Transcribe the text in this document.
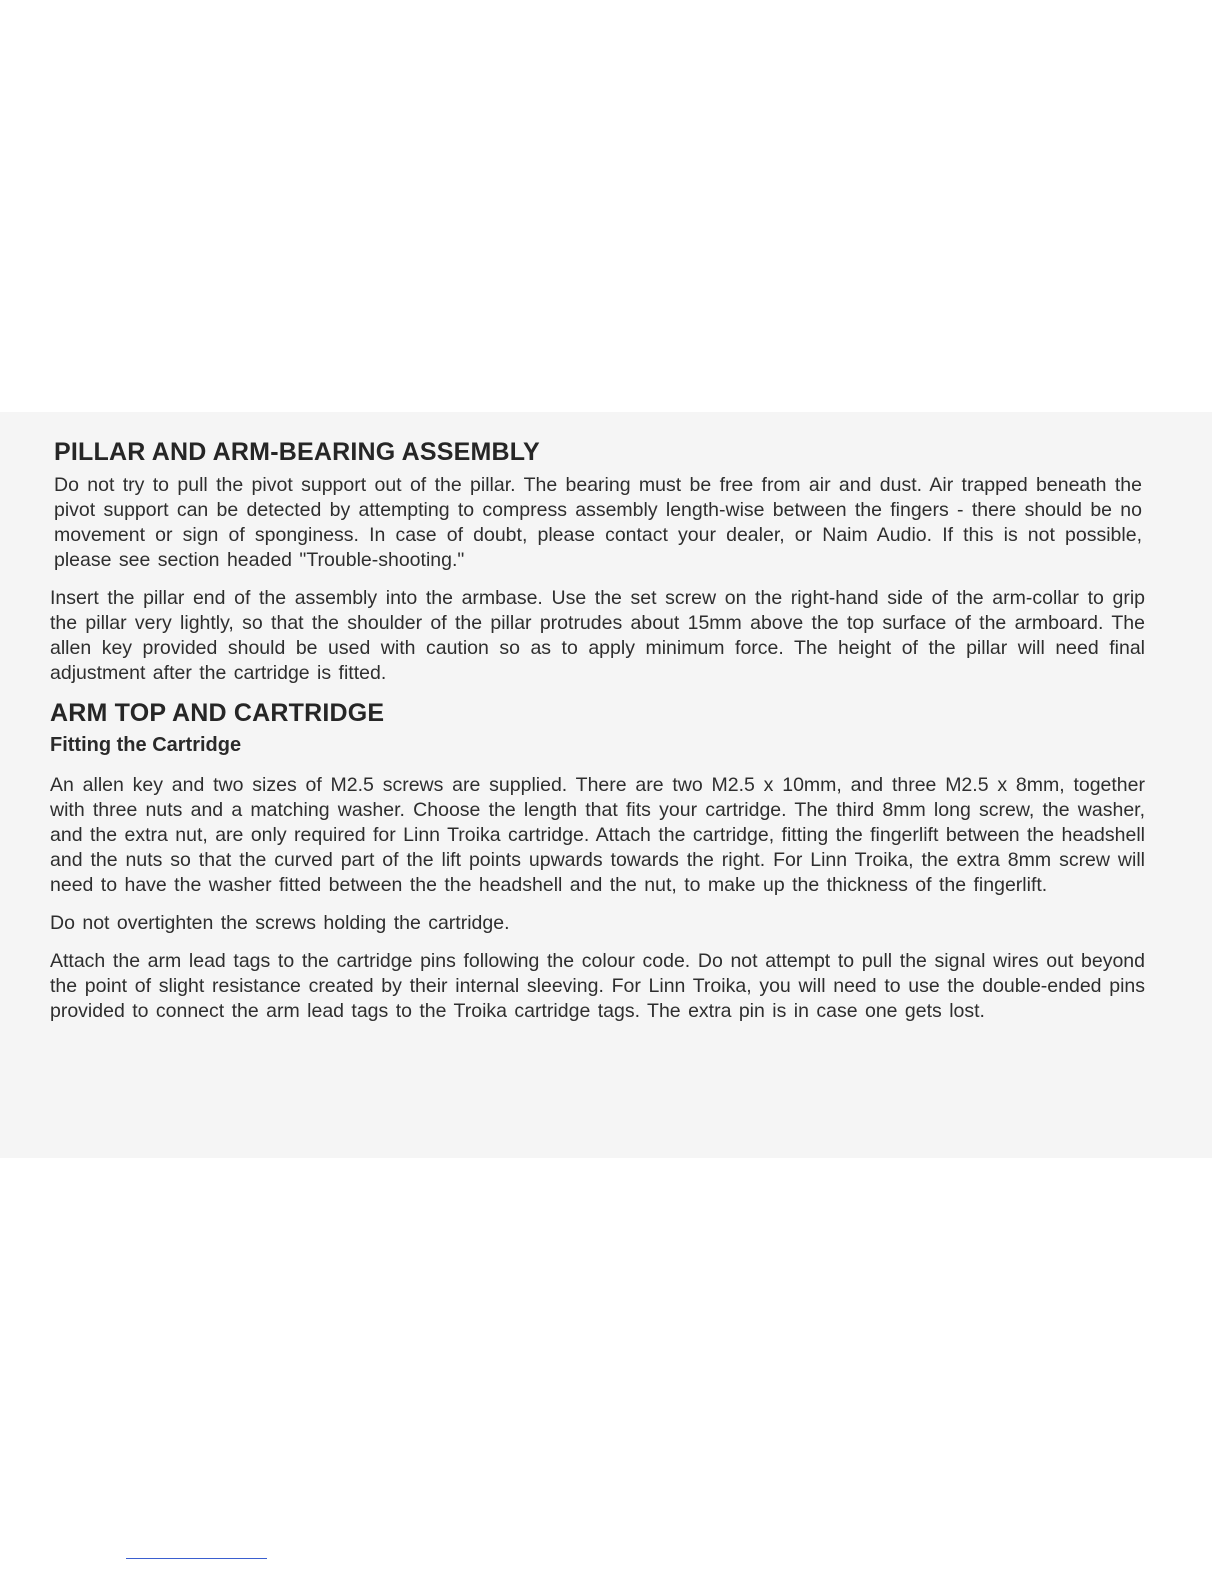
PILLAR AND ARM-BEARING ASSEMBLY

Do not try to pull the pivot support out of the pillar. The bearing must be free from air and dust. Air trapped beneath the pivot support can be detected by attempting to compress assembly length-wise between the fingers - there should be no movement or sign of sponginess. In case of doubt, please contact your dealer, or Naim Audio. If this is not possible, please see section headed "Trouble-shooting."

Insert the pillar end of the assembly into the armbase. Use the set screw on the right-hand side of the arm-collar to grip the pillar very lightly, so that the shoulder of the pillar protrudes about 15mm above the top surface of the armboard. The allen key provided should be used with caution so as to apply minimum force. The height of the pillar will need final adjustment after the cartridge is fitted.

ARM TOP AND CARTRIDGE
Fitting the Cartridge

An allen key and two sizes of M2.5 screws are supplied. There are two M2.5 x 10mm, and three M2.5 x 8mm, together with three nuts and a matching washer. Choose the length that fits your cartridge. The third 8mm long screw, the washer, and the extra nut, are only required for Linn Troika cartridge. Attach the cartridge, fitting the fingerlift between the headshell and the nuts so that the curved part of the lift points upwards towards the right. For Linn Troika, the extra 8mm screw will need to have the washer fitted between the the headshell and the nut, to make up the thickness of the fingerlift.

Do not overtighten the screws holding the cartridge.

Attach the arm lead tags to the cartridge pins following the colour code. Do not attempt to pull the signal wires out beyond the point of slight resistance created by their internal sleeving. For Linn Troika, you will need to use the double-ended pins provided to connect the arm lead tags to the Troika cartridge tags. The extra pin is in case one gets lost.
